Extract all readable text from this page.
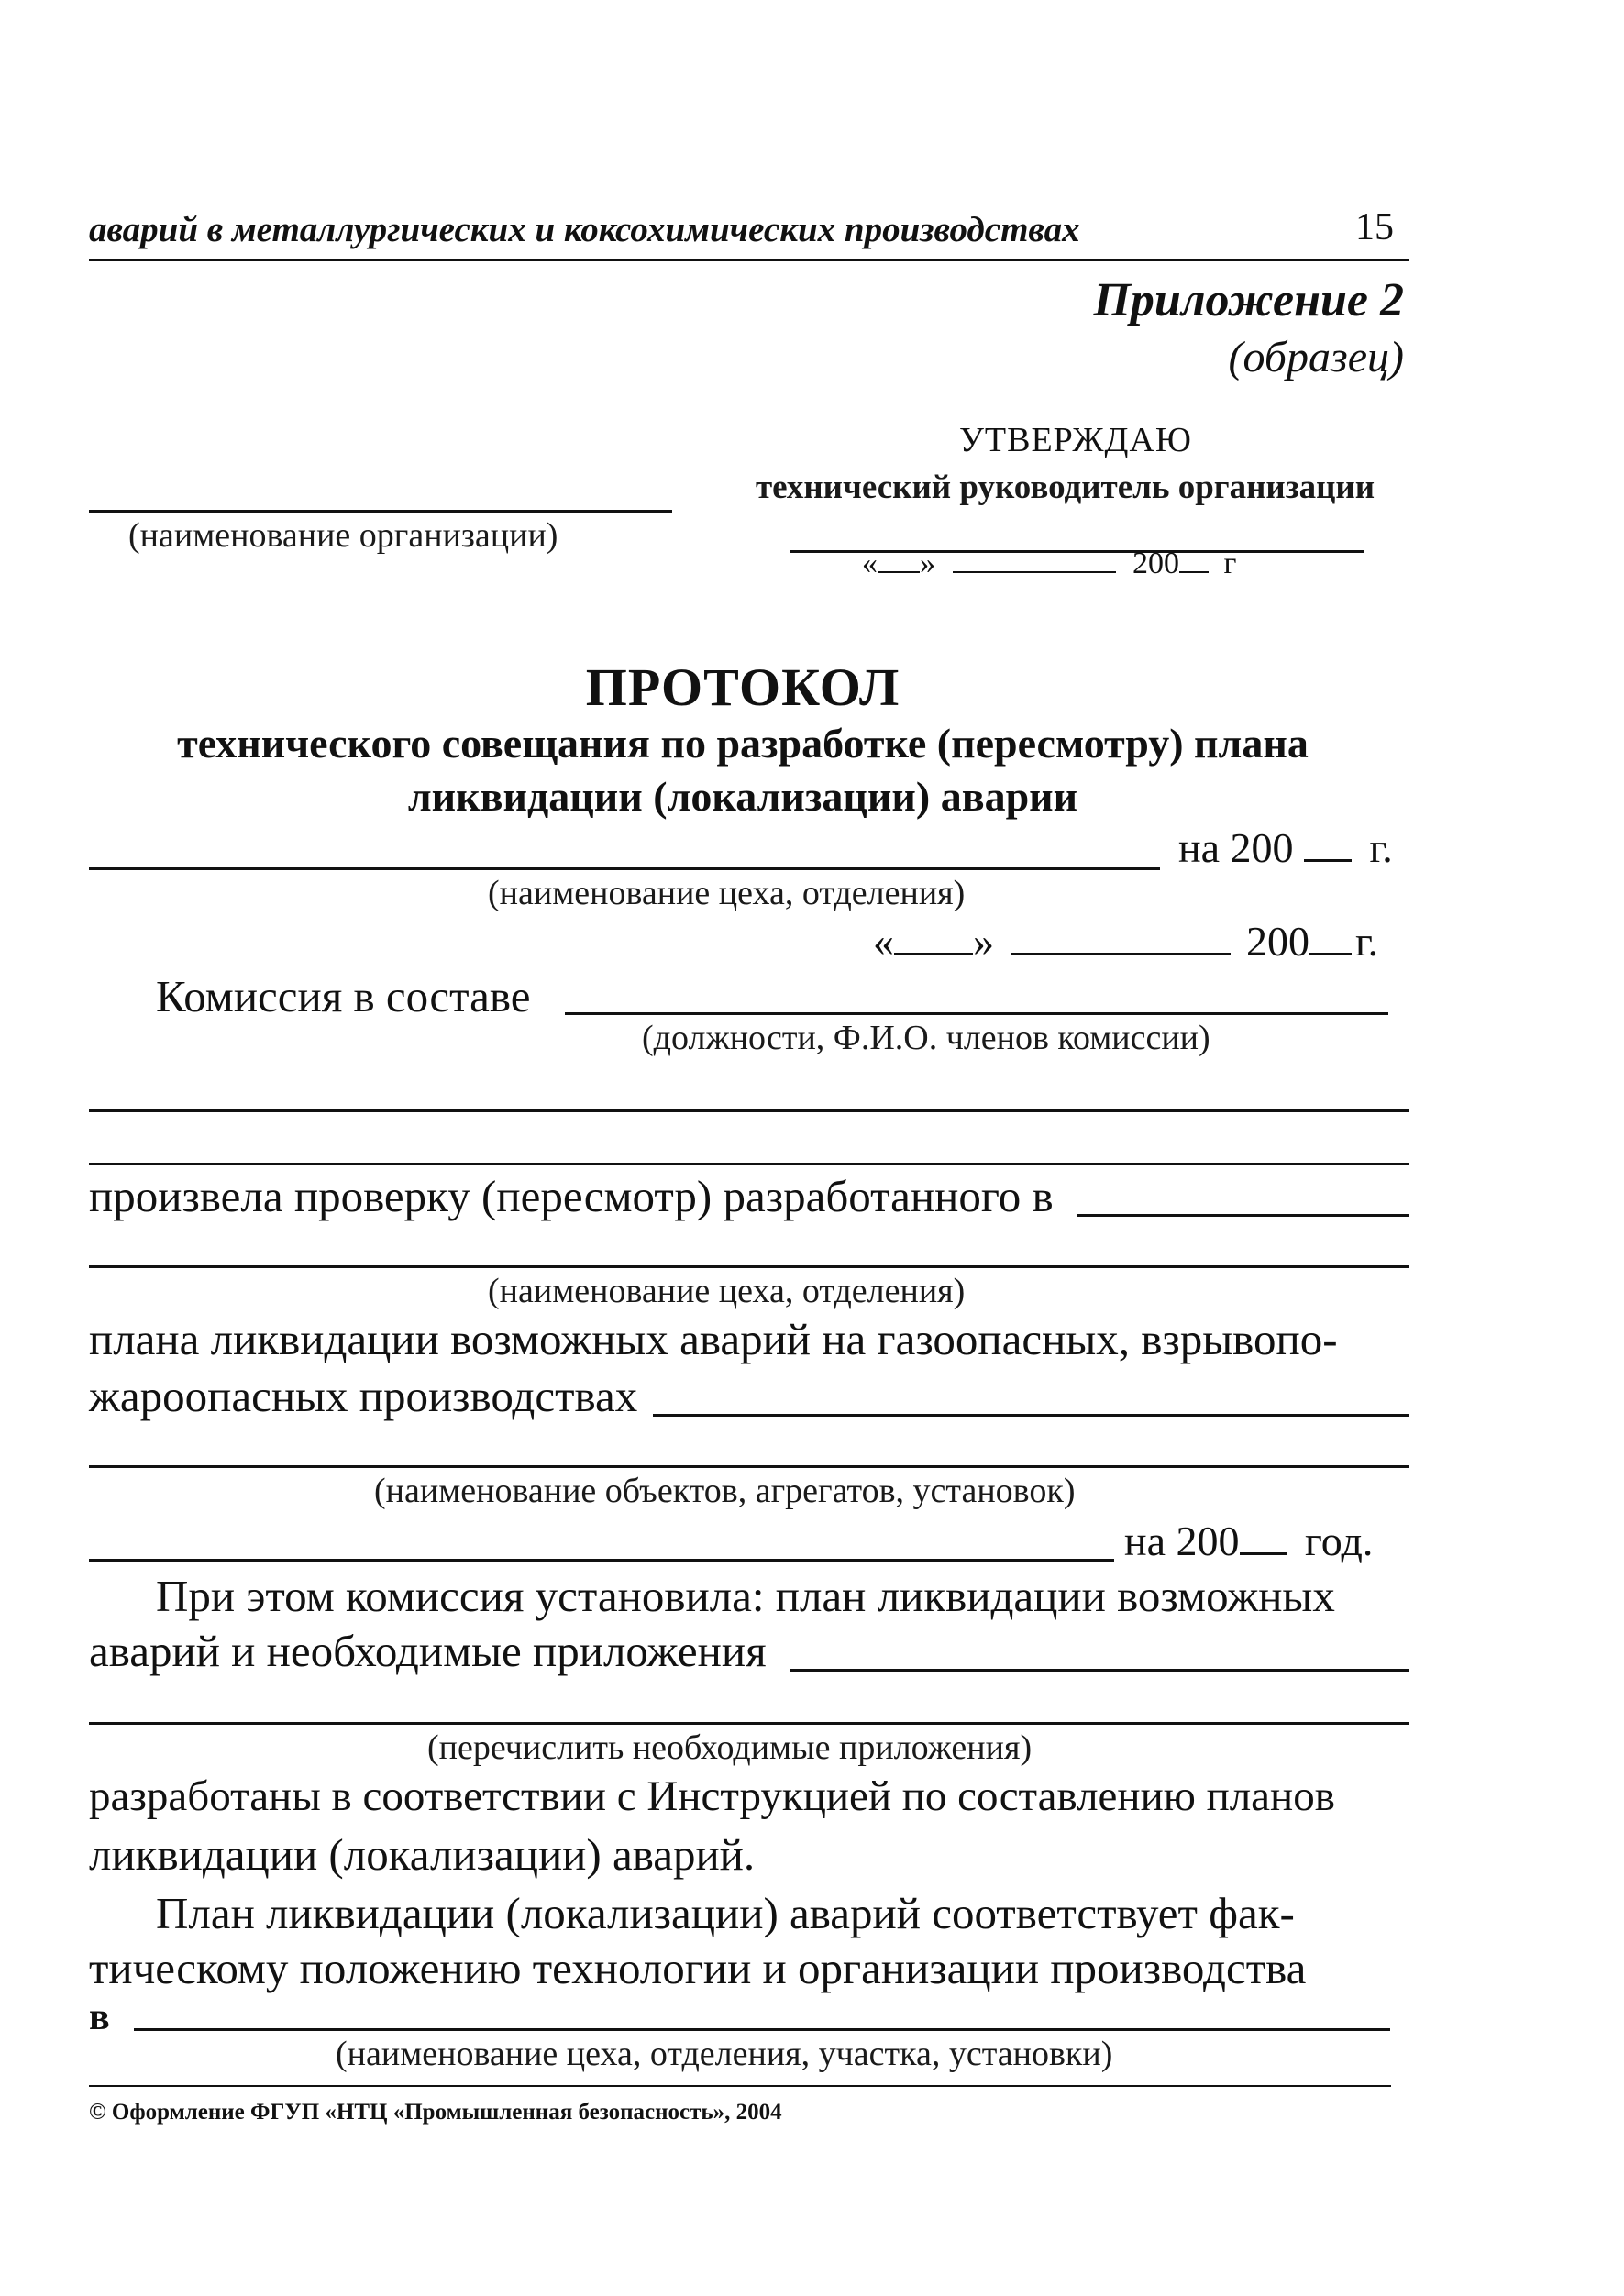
аварий в металлургических и коксохимических производствах	15
Приложение 2
(образец)
УТВЕРЖДАЮ
технический руководитель организации
« »	200 г
(наименование организации)
ПРОТОКОЛ
технического совещания по разработке (пересмотру) плана
ликвидации (локализации) аварии
на 200 г.
(наименование цеха, отделения)
« »	200 г.
Комиссия в составе
(должности, Ф.И.О. членов комиссии)
произвела проверку (пересмотр) разработанного в
(наименование цеха, отделения)
плана ликвидации возможных аварий на газоопасных, взрывопо-
жароопасных производствах
(наименование объектов, агрегатов, установок)
на 200 год.
При этом комиссия установила: план ликвидации возможных
аварий и необходимые приложения
(перечислить необходимые приложения)
разработаны в соответствии с Инструкцией по составлению планов
ликвидации (локализации) аварий.
План ликвидации (локализации) аварий соответствует фак-
тическому положению технологии и организации производства
в
(наименование цеха, отделения, участка, установки)
© Оформление ФГУП «НТЦ «Промышленная безопасность», 2004
